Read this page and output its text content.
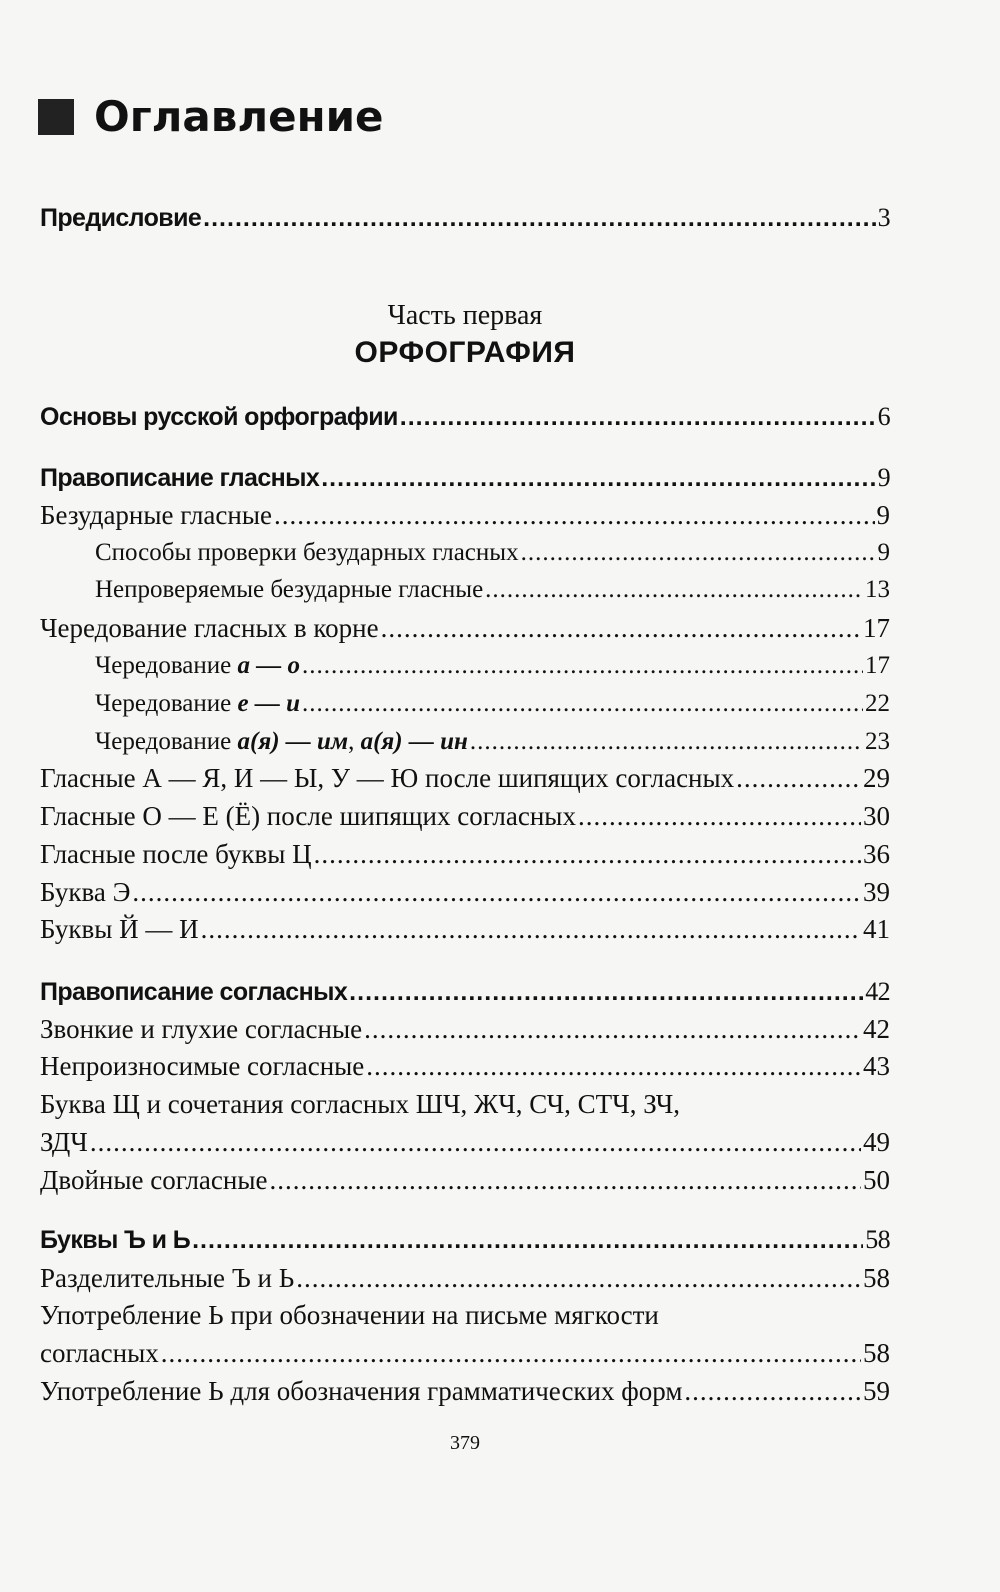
Оглавление
Предисловие .....	3
Часть первая
ОРФОГРАФИЯ
Основы русской орфографии .....	6
Правописание гласных .....	9
Безударные гласные .....	9
Способы проверки безударных гласных .....	9
Непроверяемые безударные гласные .....	13
Чередование гласных в корне .....	17
Чередование а — о .....	17
Чередование е — и .....	22
Чередование а(я) — им, а(я) — ин .....	23
Гласные А — Я, И — Ы, У — Ю после шипящих согласных .....	29
Гласные О — Е (Ё) после шипящих согласных .....	30
Гласные после буквы Ц .....	36
Буква Э .....	39
Буквы Й — И .....	41
Правописание согласных .....	42
Звонкие и глухие согласные .....	42
Непроизносимые согласные .....	43
Буква Щ и сочетания согласных ШЧ, ЖЧ, СЧ, СТЧ, ЗЧ,
ЗДЧ .....	49
Двойные согласные .....	50
Буквы Ъ и Ь .....	58
Разделительные Ъ и Ь .....	58
Употребление Ь при обозначении на письме мягкости
согласных .....	58
Употребление Ь для обозначения грамматических форм .....	59
379
